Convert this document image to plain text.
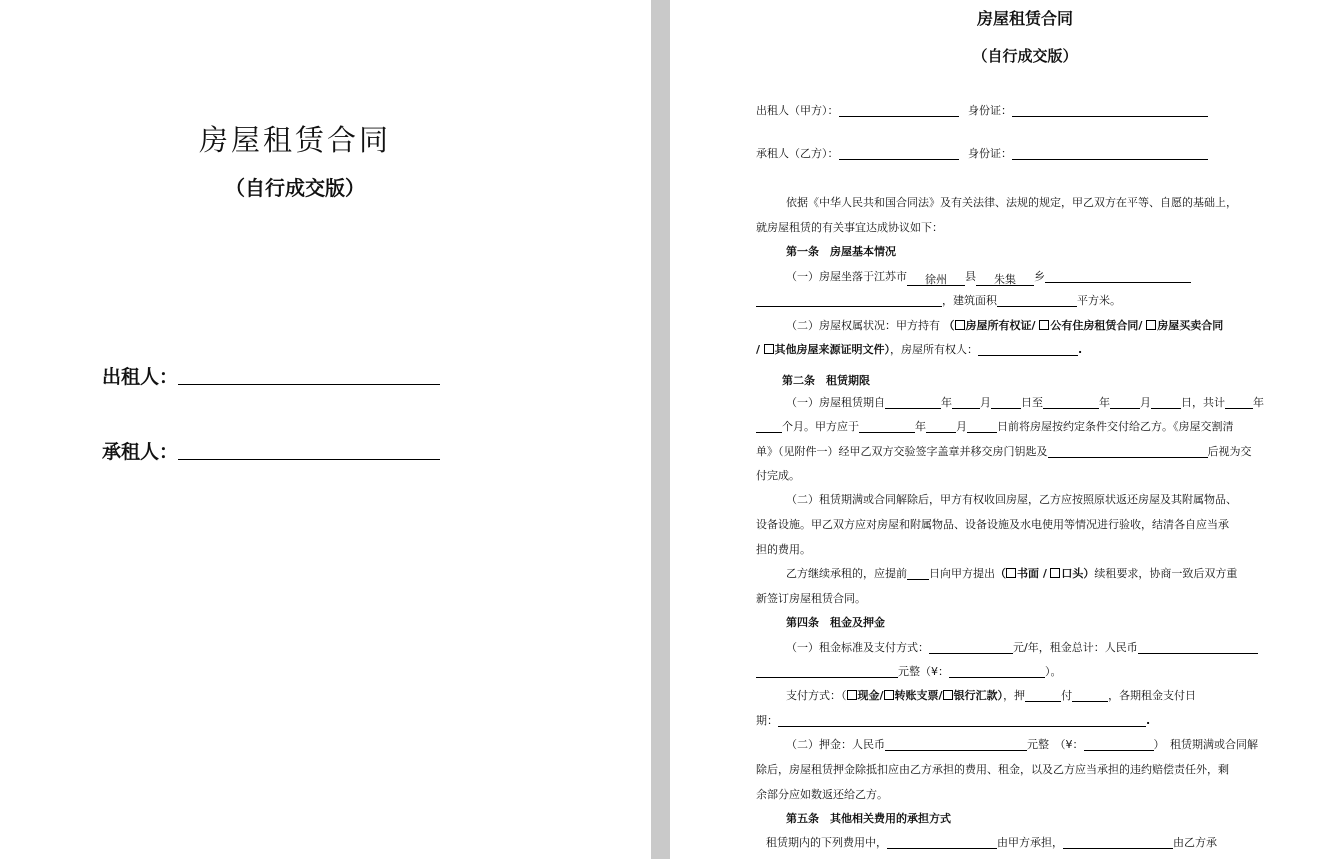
房屋租赁合同
（自行成交版）
出租人：
承租人：
房屋租赁合同
（自行成交版）
出租人（甲方）：	身份证：
承租人（乙方）：	身份证：
依据《中华人民共和国合同法》及有关法律、法规的规定，甲乙双方在平等、自愿的基础上，
就房屋租赁的有关事宜达成协议如下：
第一条　房屋基本情况
（一）房屋坐落于江苏市 徐州 县 朱集 乡
，建筑面积	平方米。
（二）房屋权属状况：甲方持有 （ 房屋所有权证/ 公有住房租赁合同/ 房屋买卖合同
/ 其他房屋来源证明文件），房屋所有权人：	.
第二条　租赁期限
（一）房屋租赁期自	年	月	日至	年	月	日，共计	年
个月。甲方应于	年	月	日前将房屋按约定条件交付给乙方。《房屋交割清
单》（见附件一）经甲乙双方交验签字盖章并移交房门钥匙及	后视为交
付完成。
（二）租赁期满或合同解除后，甲方有权收回房屋，乙方应按照原状返还房屋及其附属物品、
设备设施。甲乙双方应对房屋和附属物品、设备设施及水电使用等情况进行验收，结清各自应当承
担的费用。
乙方继续承租的，应提前 日向甲方提出（ 书面 / 口头）续租要求，协商一致后双方重
新签订房屋租赁合同。
第四条　租金及押金
（一）租金标准及支付方式：	元/年，租金总计：人民币
元整（¥：	）。
支付方式：（ 现金/ 转账支票/ 银行汇款），押	付	，各期租金支付日
期：	.
（二）押金：人民币	元整　（¥：	）　租赁期满或合同解
除后，房屋租赁押金除抵扣应由乙方承担的费用、租金，以及乙方应当承担的违约赔偿责任外，剩
余部分应如数返还给乙方。
第五条　其他相关费用的承担方式
租赁期内的下列费用中，	由甲方承担，	由乙方承
